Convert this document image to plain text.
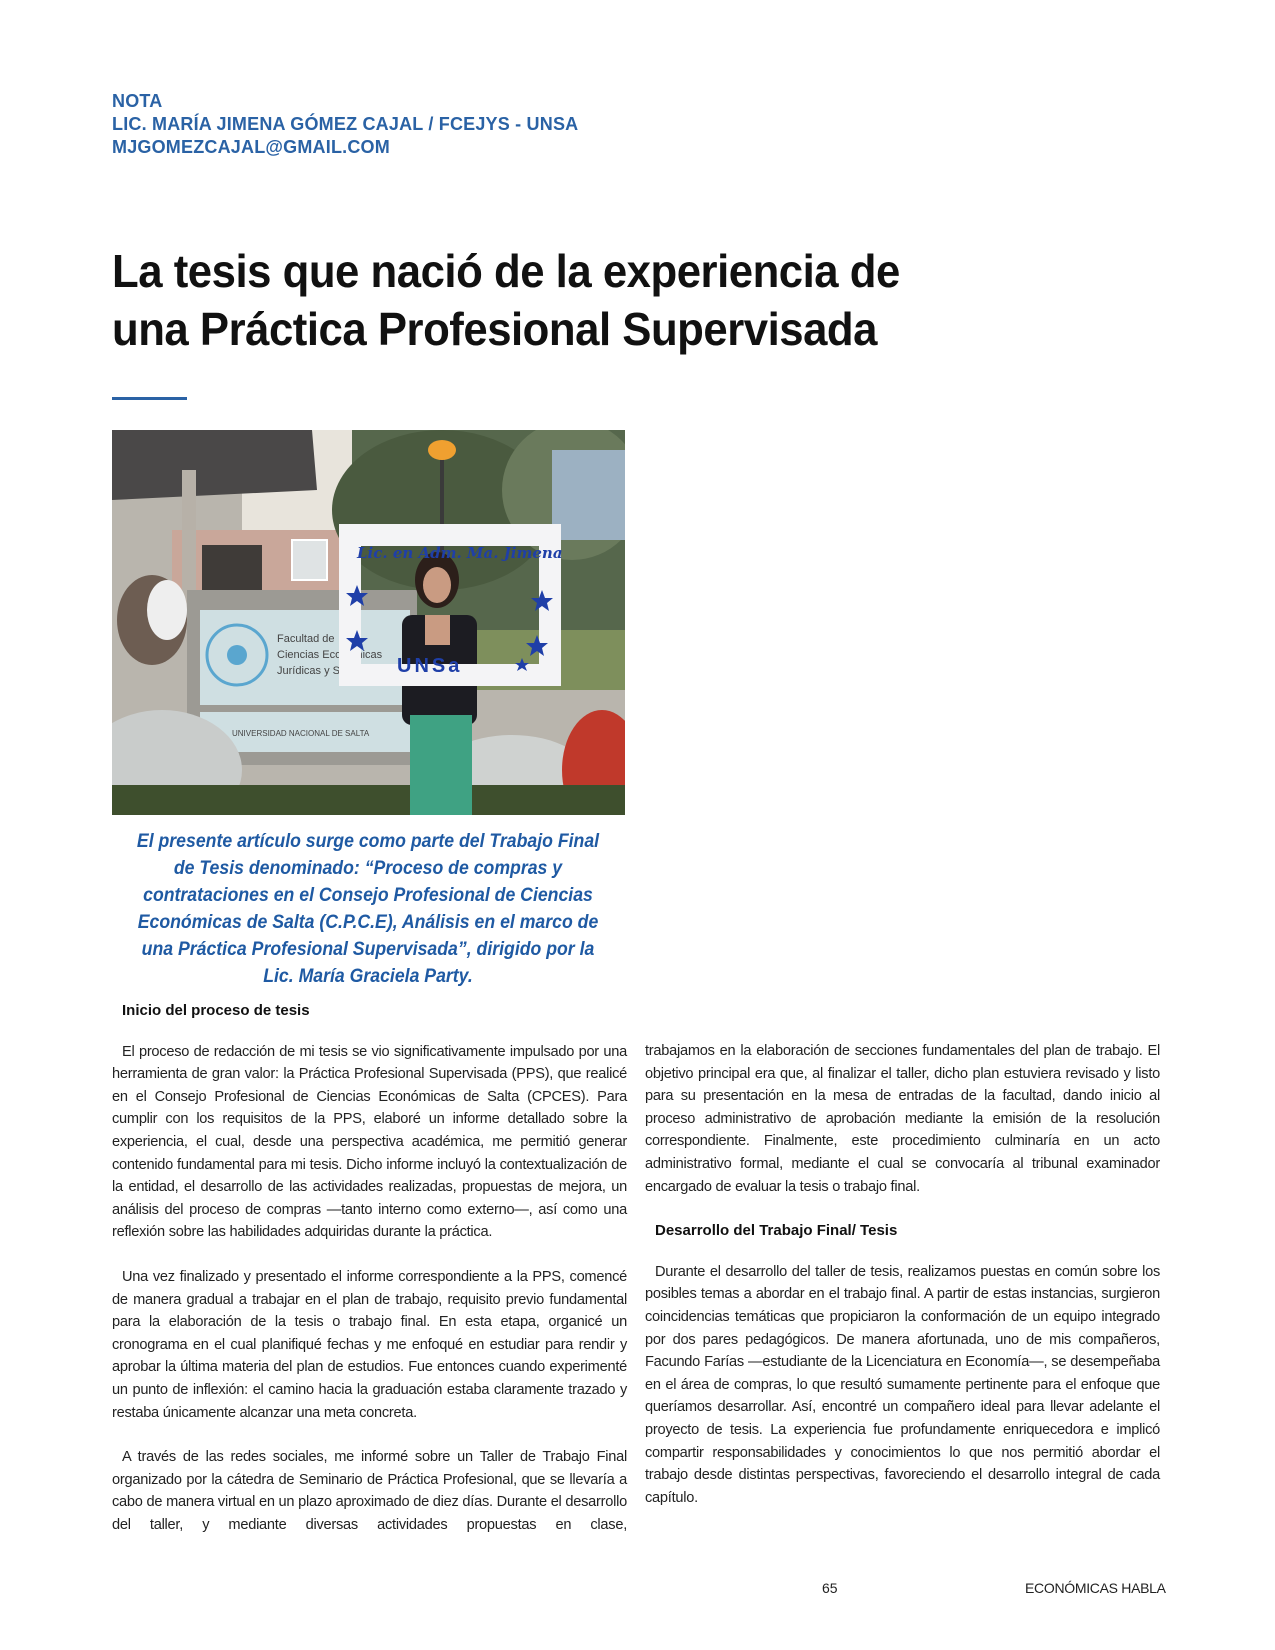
NOTA
LIC. MARÍA JIMENA GÓMEZ CAJAL / FCEJYS - UNSA
MJGOMEZCAJAL@GMAIL.COM
La tesis que nació de la experiencia de
una Práctica Profesional Supervisada
Facultad de
Ciencias Económicas
Jurídicas y Sociales
UNIVERSIDAD NACIONAL DE SALTA
Lic. en Adm. Ma. Jimena
UNSa

El presente artículo surge como parte del Trabajo Final de Tesis denominado: “Proceso de compras y contrataciones en el Consejo Profesional de Ciencias Económicas de Salta (C.P.C.E), Análisis en el marco de una Práctica Profesional Supervisada”, dirigido por la Lic. María Graciela Party.

Inicio del proceso de tesis

El proceso de redacción de mi tesis se vio significativamente impulsado por una herramienta de gran valor: la Práctica Profesional Supervisada (PPS), que realicé en el Consejo Profesional de Ciencias Económicas de Salta (CPCES). Para cumplir con los requisitos de la PPS, elaboré un informe detallado sobre la experiencia, el cual, desde una perspectiva académica, me permitió generar contenido fundamental para mi tesis. Dicho informe incluyó la contextualización de la entidad, el desarrollo de las actividades realizadas, propuestas de mejora, un análisis del proceso de compras —tanto interno como externo—, así como una reflexión sobre las habilidades adquiridas durante la práctica.

Una vez finalizado y presentado el informe correspondiente a la PPS, comencé de manera gradual a trabajar en el plan de trabajo, requisito previo fundamental para la elaboración de la tesis o trabajo final. En esta etapa, organicé un cronograma en el cual planifiqué fechas y me enfoqué en estudiar para rendir y aprobar la última materia del plan de estudios. Fue entonces cuando experimenté un punto de inflexión: el camino hacia la graduación estaba claramente trazado y restaba únicamente alcanzar una meta concreta.

A través de las redes sociales, me informé sobre un Taller de Trabajo Final organizado por la cátedra de Seminario de Práctica Profesional, que se llevaría a cabo de manera virtual en un plazo aproximado de diez días. Durante el desarrollo del taller, y mediante diversas actividades propuestas en clase,

trabajamos en la elaboración de secciones fundamentales del plan de trabajo. El objetivo principal era que, al finalizar el taller, dicho plan estuviera revisado y listo para su presentación en la mesa de entradas de la facultad, dando inicio al proceso administrativo de aprobación mediante la emisión de la resolución correspondiente. Finalmente, este procedimiento culminaría en un acto administrativo formal, mediante el cual se convocaría al tribunal examinador encargado de evaluar la tesis o trabajo final.

Desarrollo del Trabajo Final/ Tesis

Durante el desarrollo del taller de tesis, realizamos puestas en común sobre los posibles temas a abordar en el trabajo final. A partir de estas instancias, surgieron coincidencias temáticas que propiciaron la conformación de un equipo integrado por dos pares pedagógicos. De manera afortunada, uno de mis compañeros, Facundo Farías —estudiante de la Licenciatura en Economía—, se desempeñaba en el área de compras, lo que resultó sumamente pertinente para el enfoque que queríamos desarrollar. Así, encontré un compañero ideal para llevar adelante el proyecto de tesis. La experiencia fue profundamente enriquecedora e implicó compartir responsabilidades y conocimientos lo que nos permitió abordar el trabajo desde distintas perspectivas, favoreciendo el desarrollo integral de cada capítulo.

65	ECONÓMICAS HABLA
